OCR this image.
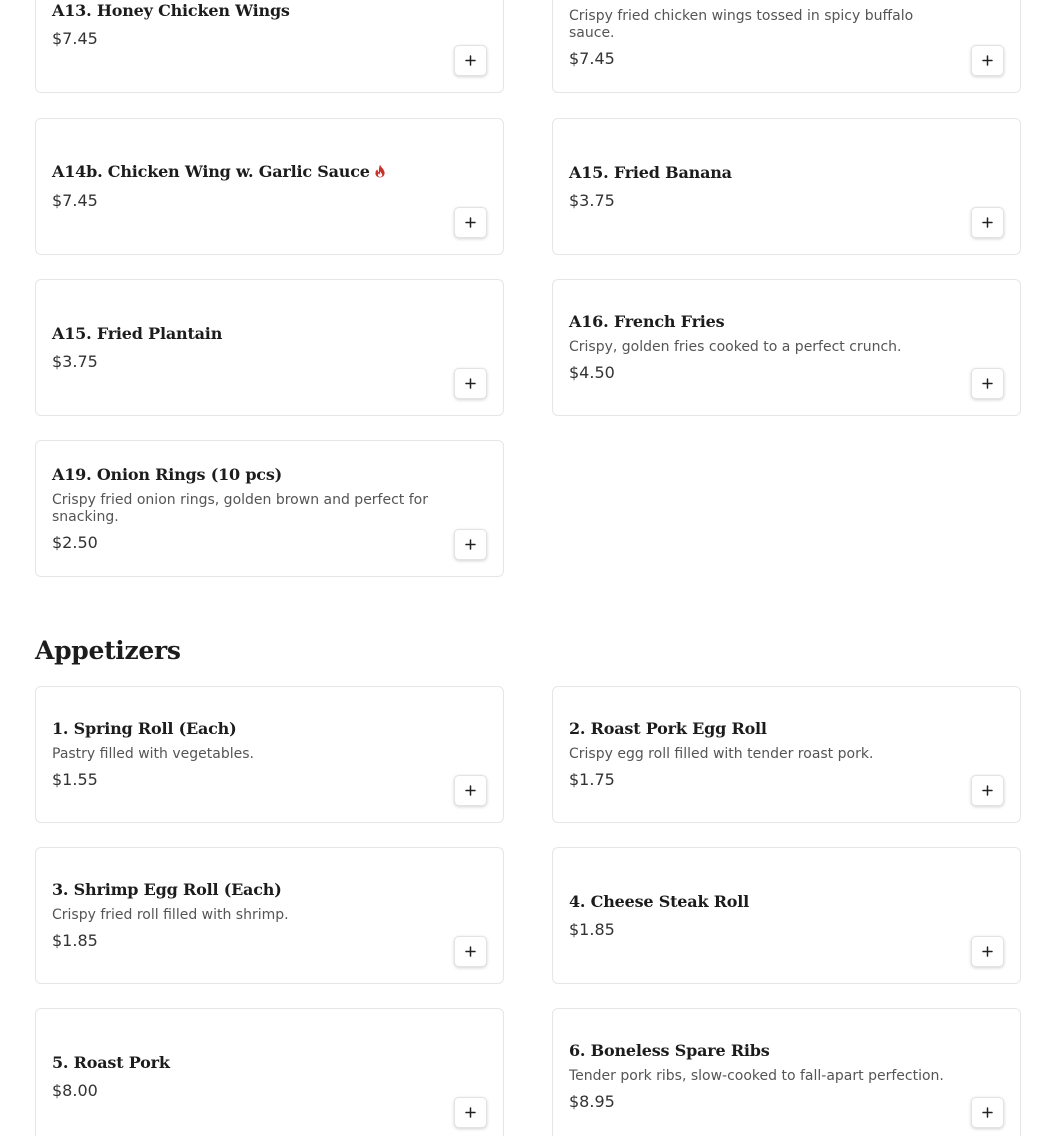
A13. Honey Chicken Wings
$7.45
Crispy fried chicken wings tossed in spicy buffalo sauce.
$7.45
A14b. Chicken Wing w. Garlic Sauce
$7.45
A15. Fried Banana
$3.75
A15. Fried Plantain
$3.75
A16. French Fries
Crispy, golden fries cooked to a perfect crunch.
$4.50
A19. Onion Rings (10 pcs)
Crispy fried onion rings, golden brown and perfect for snacking.
$2.50
Appetizers
1. Spring Roll (Each)
Pastry filled with vegetables.
$1.55
2. Roast Pork Egg Roll
Crispy egg roll filled with tender roast pork.
$1.75
3. Shrimp Egg Roll (Each)
Crispy fried roll filled with shrimp.
$1.85
4. Cheese Steak Roll
$1.85
5. Roast Pork
$8.00
6. Boneless Spare Ribs
Tender pork ribs, slow-cooked to fall-apart perfection.
$8.95
